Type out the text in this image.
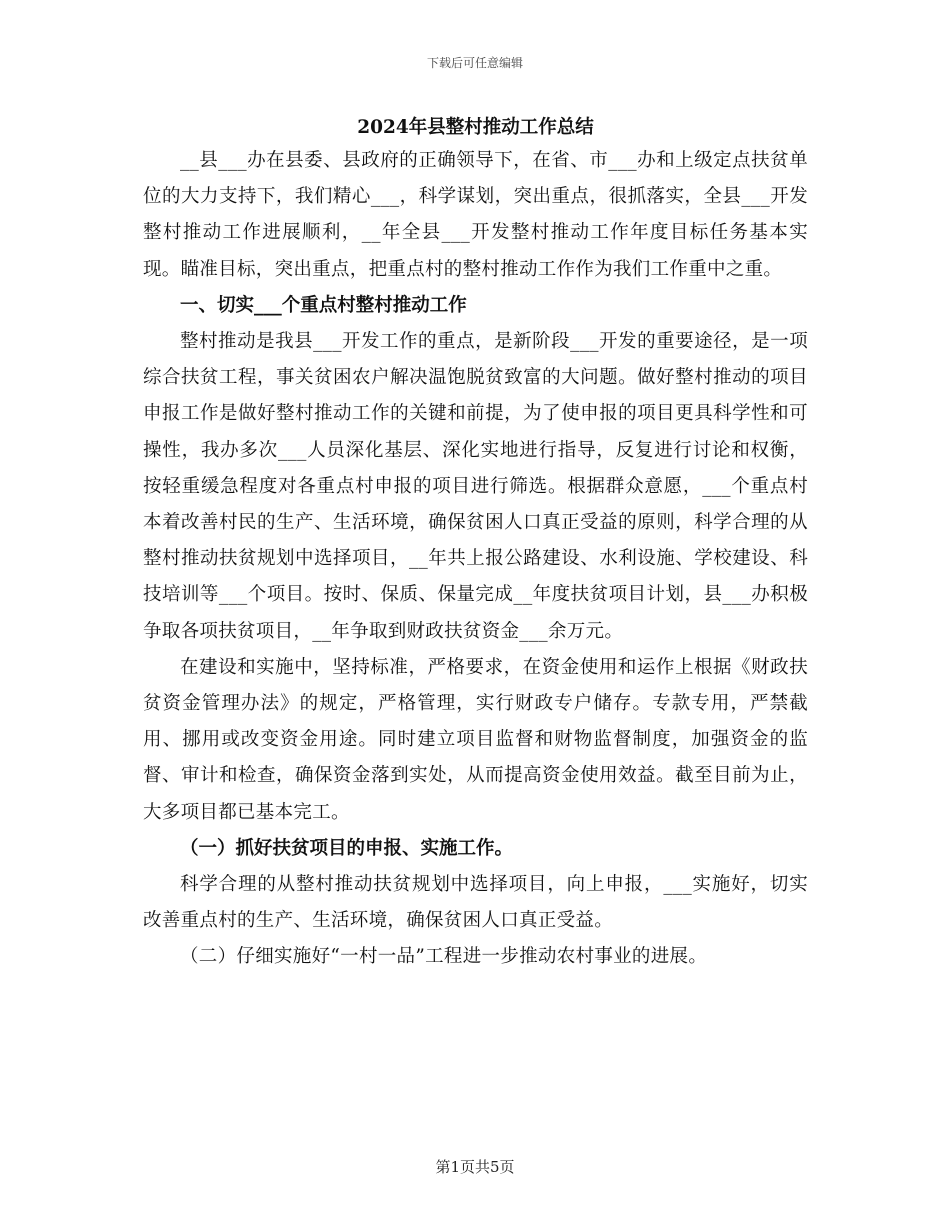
下载后可任意编辑
2024年县整村推动工作总结

__县___办在县委、县政府的正确领导下，在省、市___办和上级定点扶贫单位的大力支持下，我们精心___，科学谋划，突出重点，很抓落实，全县___开发整村推动工作进展顺利，__年全县___开发整村推动工作年度目标任务基本实现。瞄准目标，突出重点，把重点村的整村推动工作作为我们工作重中之重。

一、切实___个重点村整村推动工作

整村推动是我县___开发工作的重点，是新阶段___开发的重要途径，是一项综合扶贫工程，事关贫困农户解决温饱脱贫致富的大问题。做好整村推动的项目申报工作是做好整村推动工作的关键和前提，为了使申报的项目更具科学性和可操性，我办多次___人员深化基层、深化实地进行指导，反复进行讨论和权衡，按轻重缓急程度对各重点村申报的项目进行筛选。根据群众意愿，___个重点村本着改善村民的生产、生活环境，确保贫困人口真正受益的原则，科学合理的从整村推动扶贫规划中选择项目，__年共上报公路建设、水利设施、学校建设、科技培训等___个项目。按时、保质、保量完成__年度扶贫项目计划，县___办积极争取各项扶贫项目，__年争取到财政扶贫资金___余万元。

在建设和实施中，坚持标准，严格要求，在资金使用和运作上根据《财政扶贫资金管理办法》的规定，严格管理，实行财政专户储存。专款专用，严禁截用、挪用或改变资金用途。同时建立项目监督和财物监督制度，加强资金的监督、审计和检查，确保资金落到实处，从而提高资金使用效益。截至目前为止，大多项目都已基本完工。

（一）抓好扶贫项目的申报、实施工作。

科学合理的从整村推动扶贫规划中选择项目，向上申报，___实施好，切实改善重点村的生产、生活环境，确保贫困人口真正受益。

（二）仔细实施好“一村一品”工程进一步推动农村事业的进展。

第1页共5页
